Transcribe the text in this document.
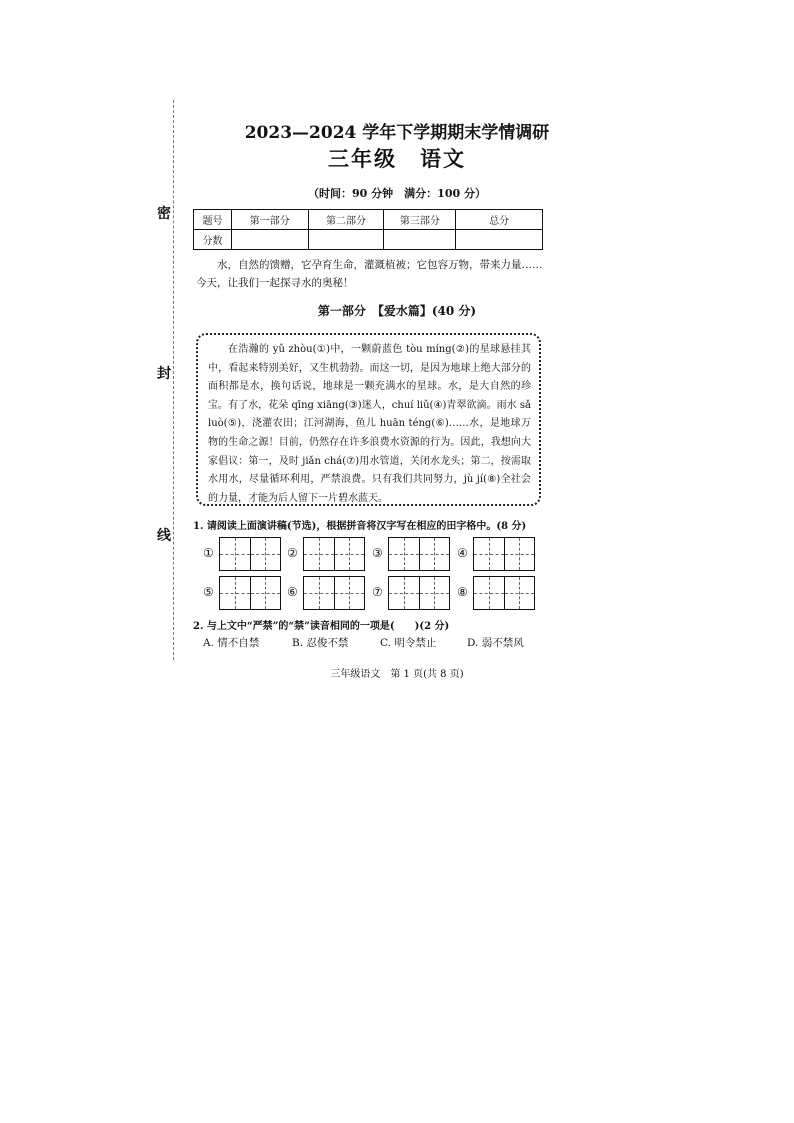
密
封
线
2023—2024 学年下学期期末学情调研
三年级　语文
（时间：90 分钟　满分：100 分）
题号	第一部分	第二部分	第三部分	总分
分数				
水，自然的馈赠，它孕育生命，灌溉植被；它包容万物，带来力量……今天，让我们一起探寻水的奥秘！
第一部分　【爱水篇】(40 分)
在浩瀚的 yǔ zhòu(①)中，一颗蔚蓝色 tòu míng(②)的星球悬挂其中，看起来特别美好，又生机勃勃。而这一切，是因为地球上绝大部分的面积都是水，换句话说，地球是一颗充满水的星球。水，是大自然的珍宝。有了水，花朵 qīng xiāng(③)迷人，chuí liǔ(④)青翠欲滴。雨水 sǎ luò(⑤)，浇灌农田；江河湖海，鱼儿 huān téng(⑥)……水，是地球万物的生命之源！目前，仍然存在许多浪费水资源的行为。因此，我想向大家倡议：第一，及时 jiǎn chá(⑦)用水管道，关闭水龙头；第二，按需取水用水，尽量循环利用，严禁浪费。只有我们共同努力，jù jí(⑧)全社会的力量，才能为后人留下一片碧水蓝天。
1. 请阅读上面演讲稿(节选)，根据拼音将汉字写在相应的田字格中。(8 分)
①	②	③	④
⑤	⑥	⑦	⑧
2. 与上文中“严禁”的“禁”读音相同的一项是(　　)(2 分)
A. 情不自禁	B. 忍俊不禁	C. 明令禁止	D. 弱不禁风
三年级语文　第 1 页(共 8 页)
